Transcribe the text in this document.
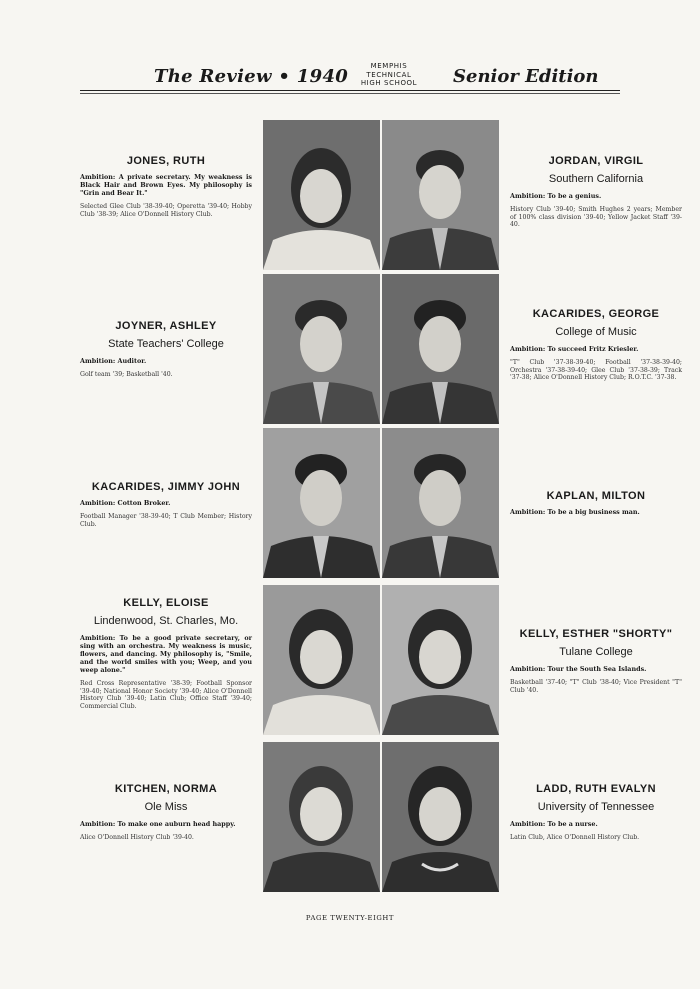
The Review • 1940	MEMPHIS
TECHNICAL
HIGH SCHOOL Senior Edition
JONES, RUTH
Ambition: A private secretary. My weakness is Black Hair and Brown Eyes. My philosophy is "Grin and Bear It."
Selected Glee Club '38-39-40; Operetta '39-40; Hobby Club '38-39; Alice O'Donnell History Club.
JORDAN, VIRGIL
Southern California
Ambition: To be a genius.
History Club '39-40; Smith Hughes 2 years; Member of 100% class division '39-40; Yellow Jacket Staff '39-40.
JOYNER, ASHLEY
State Teachers' College
Ambition: Auditor.
Golf team '39; Basketball '40.
KACARIDES, GEORGE
College of Music
Ambition: To succeed Fritz Kriesler.
"T" Club '37-38-39-40; Football '37-38-39-40; Orchestra '37-38-39-40; Glee Club '37-38-39; Track '37-38; Alice O'Donnell History Club; R.O.T.C. '37-38.
KACARIDES, JIMMY JOHN
Ambition: Cotton Broker.
Football Manager '38-39-40; T Club Member; History Club.
KAPLAN, MILTON
Ambition: To be a big business man.
KELLY, ELOISE
Lindenwood, St. Charles, Mo.
Ambition: To be a good private secretary, or sing with an orchestra. My weakness is music, flowers, and dancing. My philosophy is, "Smile, and the world smiles with you; Weep, and you weep alone."
Red Cross Representative '38-39; Football Sponsor '39-40; National Honor Society '39-40; Alice O'Donnell History Club '39-40; Latin Club; Office Staff '39-40; Commercial Club.
KELLY, ESTHER "SHORTY"
Tulane College
Ambition: Tour the South Sea Islands.
Basketball '37-40; "T" Club '38-40; Vice President "T" Club '40.
KITCHEN, NORMA
Ole Miss
Ambition: To make one auburn head happy.
Alice O'Donnell History Club '39-40.
LADD, RUTH EVALYN
University of Tennessee
Ambition: To be a nurse.
Latin Club, Alice O'Donnell History Club.
PAGE TWENTY-EIGHT
